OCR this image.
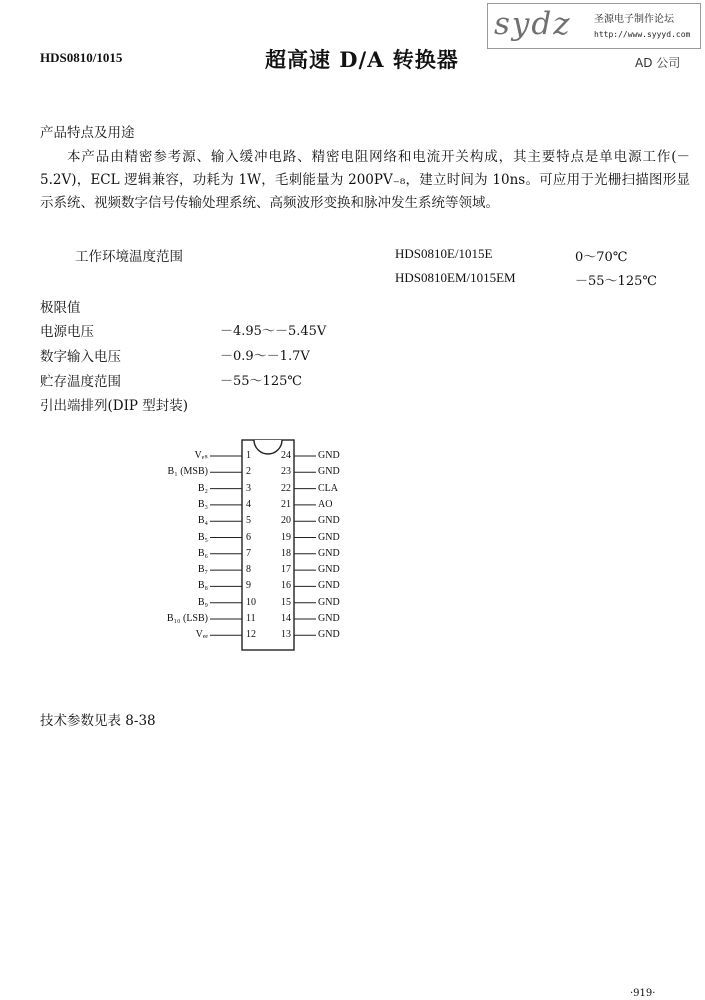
HDS0810/1015	超高速 D/A 转换器
sydz 圣源电子制作论坛
http://www.syyyd.com
AD 公司
产品特点及用途
本产品由精密参考源、输入缓冲电路、精密电阻网络和电流开关构成，其主要特点是单电源工作(－5.2V)，ECL 逻辑兼容，功耗为 1W，毛刺能量为 200PV₋₈，建立时间为 10ns。可应用于光栅扫描图形显示系统、视频数字信号传输处理系统、高频波形变换和脉冲发生系统等领域。
工作环境温度范围	HDS0810E/1015E	0～70℃
HDS0810EM/1015EM	－55～125℃
极限值
电源电压	－4.95～－5.45V
数字输入电压	－0.9～－1.7V
贮存温度范围	－55～125℃
引出端排列(DIP 型封装)
Vₑₛ	1
B₁ (MSB)	2
B₂	3
B₃	4
B₄	5
B₅	6
B₆	7
B₇	8
B₈	9
B₉	10
B₁₀ (LSB)	11
Vₑₑ	12
24	GND
23	GND
22	CLA
21	AO
20	GND
19	GND
18	GND
17	GND
16	GND
15	GND
14	GND
13	GND
技术参数见表 8-38
·919·
